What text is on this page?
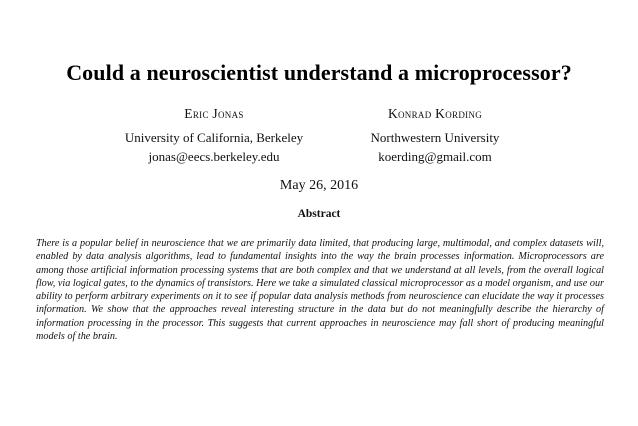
Could a neuroscientist understand a microprocessor?
Eric Jonas
University of California, Berkeley
jonas@eecs.berkeley.edu
Konrad Kording
Northwestern University
koerding@gmail.com
May 26, 2016
Abstract

There is a popular belief in neuroscience that we are primarily data limited, that producing large, multimodal, and complex datasets will, enabled by data analysis algorithms, lead to fundamental insights into the way the brain processes information. Microprocessors are among those artificial information processing systems that are both complex and that we understand at all levels, from the overall logical flow, via logical gates, to the dynamics of transistors. Here we take a simulated classical microprocessor as a model organism, and use our ability to perform arbitrary experiments on it to see if popular data analysis methods from neuroscience can elucidate the way it processes information. We show that the approaches reveal interesting structure in the data but do not meaningfully describe the hierarchy of information processing in the processor. This suggests that current approaches in neuroscience may fall short of producing meaningful models of the brain.
